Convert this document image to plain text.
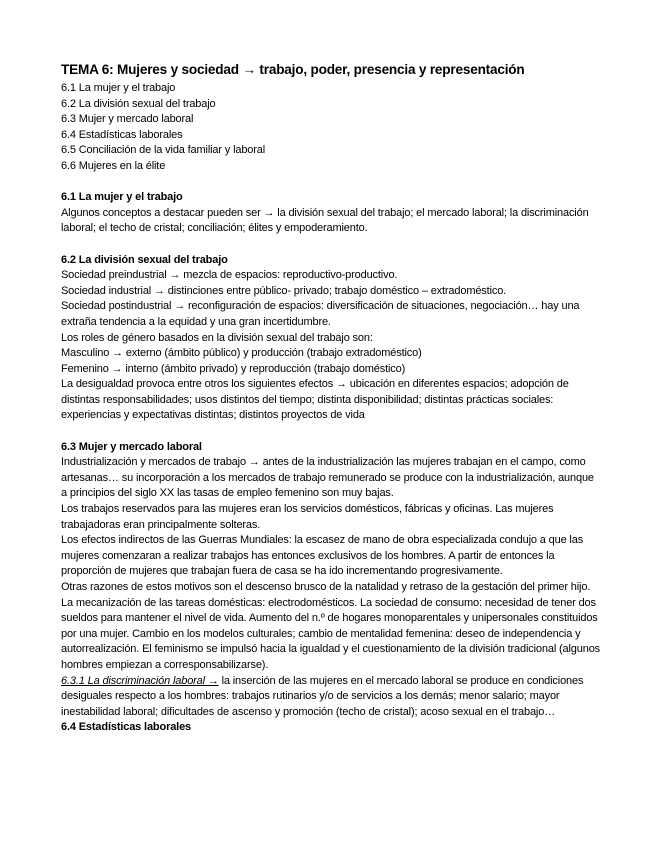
TEMA 6: Mujeres y sociedad → trabajo, poder, presencia y representación
6.1 La mujer y el trabajo
6.2 La división sexual del trabajo
6.3 Mujer y mercado laboral
6.4 Estadísticas laborales
6.5 Conciliación de la vida familiar y laboral
6.6 Mujeres en la élite
6.1 La mujer y el trabajo

Algunos conceptos a destacar pueden ser → la división sexual del trabajo; el mercado laboral; la discriminación laboral; el techo de cristal; conciliación; élites y empoderamiento.

6.2 La división sexual del trabajo

Sociedad preindustrial → mezcla de espacios: reproductivo-productivo.

Sociedad industrial → distinciones entre público- privado; trabajo doméstico – extradoméstico.

Sociedad postindustrial → reconfiguración de espacios: diversificación de situaciones, negociación… hay una extraña tendencia a la equidad y una gran incertidumbre.

Los roles de género basados en la división sexual del trabajo son:

Masculino → externo (ámbito público) y producción (trabajo extradoméstico)

Femenino → interno (ámbito privado) y reproducción (trabajo doméstico)

La desigualdad provoca entre otros los siguientes efectos → ubicación en diferentes espacios; adopción de distintas responsabilidades; usos distintos del tiempo; distinta disponibilidad; distintas prácticas sociales: experiencias y expectativas distintas; distintos proyectos de vida

6.3 Mujer y mercado laboral

Industrialización y mercados de trabajo → antes de la industrialización las mujeres trabajan en el campo, como artesanas… su incorporación a los mercados de trabajo remunerado se produce con la industrialización, aunque a principios del siglo XX las tasas de empleo femenino son muy bajas.

Los trabajos reservados para las mujeres eran los servicios domésticos, fábricas y oficinas. Las mujeres trabajadoras eran principalmente solteras.

Los efectos indirectos de las Guerras Mundiales: la escasez de mano de obra especializada condujo a que las mujeres comenzaran a realizar trabajos has entonces exclusivos de los hombres. A partir de entonces la proporción de mujeres que trabajan fuera de casa se ha ido incrementando progresivamente.

Otras razones de estos motivos son el descenso brusco de la natalidad y retraso de la gestación del primer hijo. La mecanización de las tareas domésticas: electrodomésticos. La sociedad de consumo: necesidad de tener dos sueldos para mantener el nivel de vida. Aumento del n.º de hogares monoparentales y unipersonales constituidos por una mujer. Cambio en los modelos culturales; cambio de mentalidad femenina: deseo de independencia y autorrealización. El feminismo se impulsó hacia la igualdad y el cuestionamiento de la división tradicional (algunos hombres empiezan a corresponsabilizarse).

6.3.1 La discriminación laboral → la inserción de las mujeres en el mercado laboral se produce en condiciones desiguales respecto a los hombres: trabajos rutinarios y/o de servicios a los demás; menor salario; mayor inestabilidad laboral; dificultades de ascenso y promoción (techo de cristal); acoso sexual en el trabajo…

6.4 Estadísticas laborales
